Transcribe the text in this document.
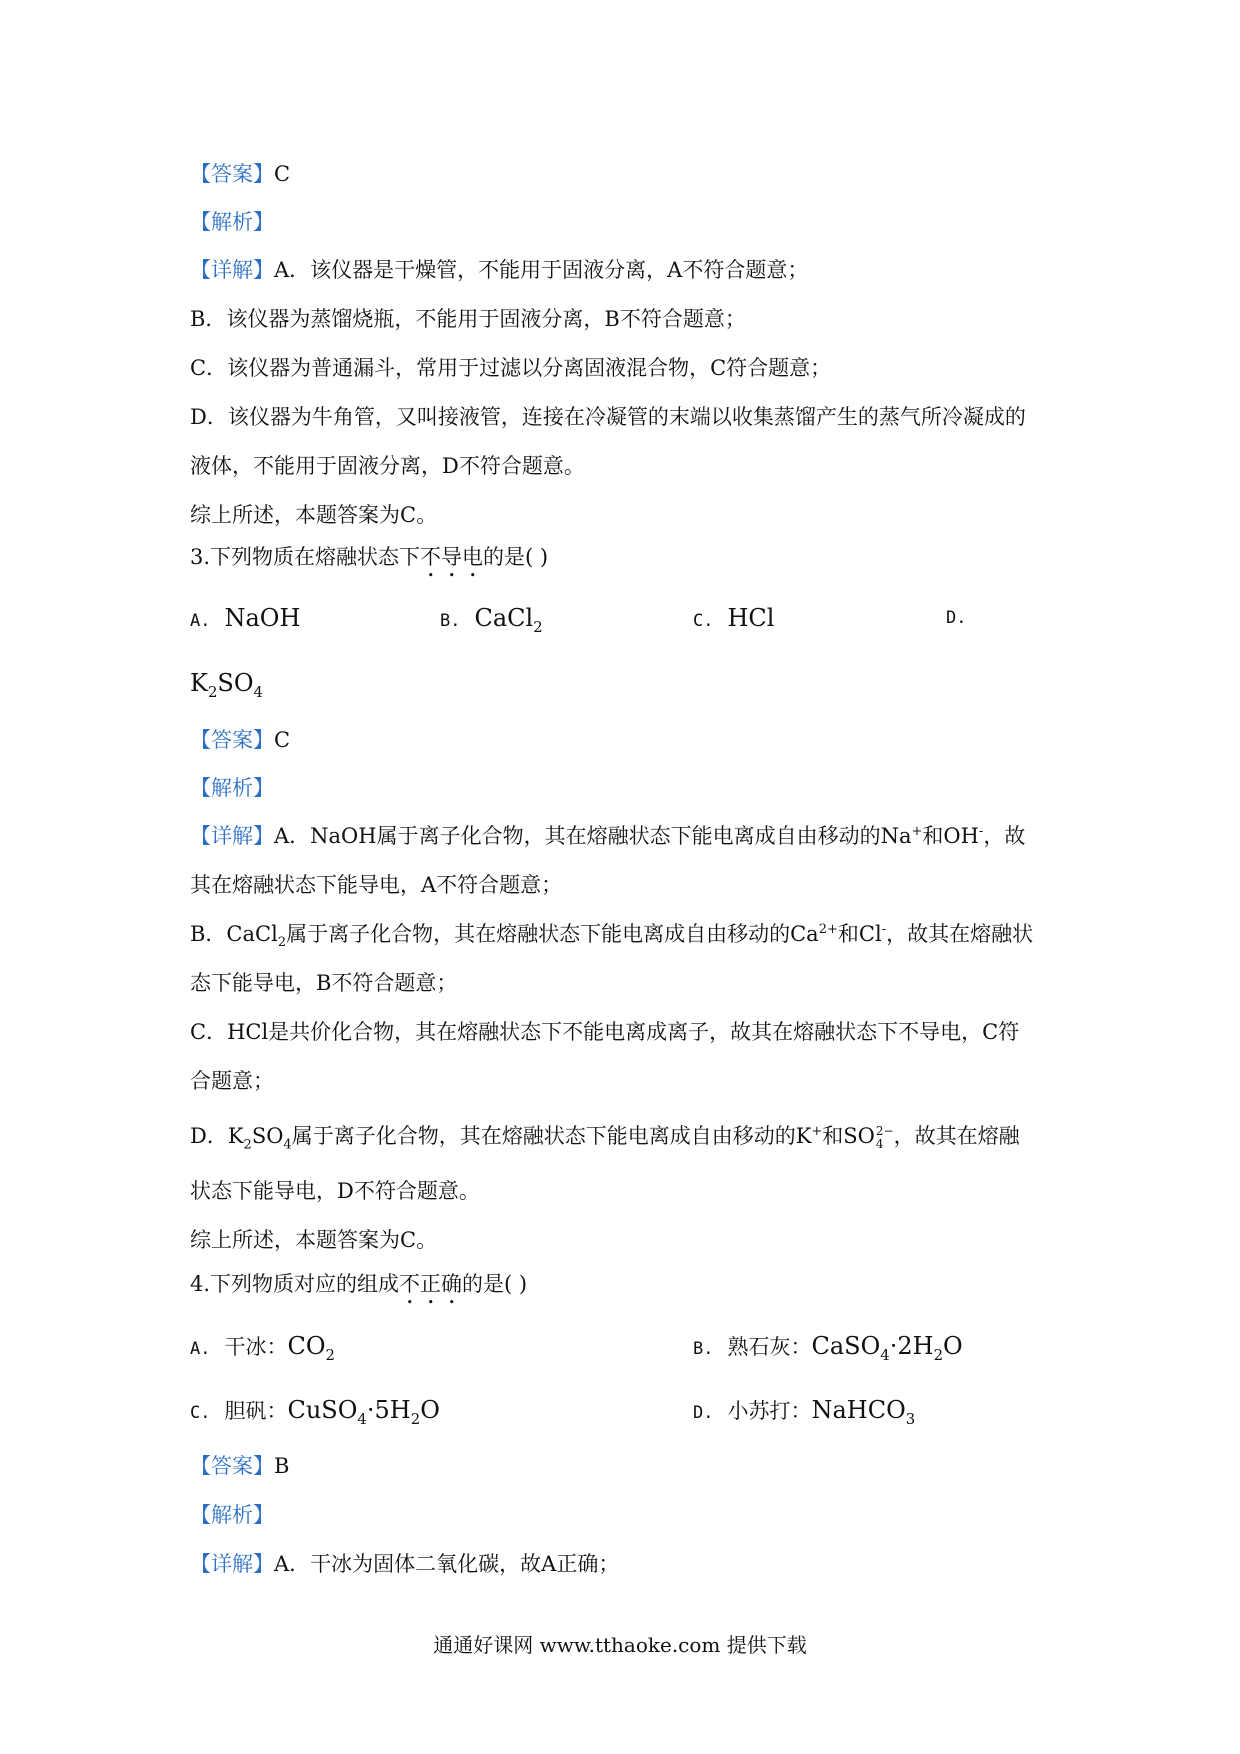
【答案】C
【解析】
【详解】A．该仪器是干燥管，不能用于固液分离，A不符合题意；
B．该仪器为蒸馏烧瓶，不能用于固液分离，B不符合题意；
C．该仪器为普通漏斗，常用于过滤以分离固液混合物，C符合题意；
D．该仪器为牛角管，又叫接液管，连接在冷凝管的末端以收集蒸馏产生的蒸气所冷凝成的
液体，不能用于固液分离，D不符合题意。
综上所述，本题答案为C。
3.下列物质在熔融状态下不导电的是( )
A. NaOH	B. CaCl$_2$	C. HCl	D.
$K_2SO_4$
【答案】C
【解析】
【详解】A．NaOH属于离子化合物，其在熔融状态下能电离成自由移动的Na+和OH-，故
其在熔融状态下能导电，A不符合题意；
B．CaCl$_2$属于离子化合物，其在熔融状态下能电离成自由移动的$Ca^{2+}$和Cl-，故其在熔融状
态下能导电，B不符合题意；
C．HCl是共价化合物，其在熔融状态下不能电离成离子，故其在熔融状态下不导电，C符
合题意；
D．$K_2SO_4$属于离子化合物，其在熔融状态下能电离成自由移动的K+和SO 2−
4 ，故其在熔融
状态下能导电，D不符合题意。
综上所述，本题答案为C。
4.下列物质对应的组成不正确的是( )
A. 干冰：$CO_2$	B. 熟石灰：$CaSO_4\cdot 2H_2O$
C. 胆矾：$CuSO_4\cdot 5H_2O$	D. 小苏打：NaHCO$_3$
【答案】B
【解析】
【详解】A．干冰为固体二氧化碳，故A正确；
通通好课网 www.tthaoke.com 提供下载
